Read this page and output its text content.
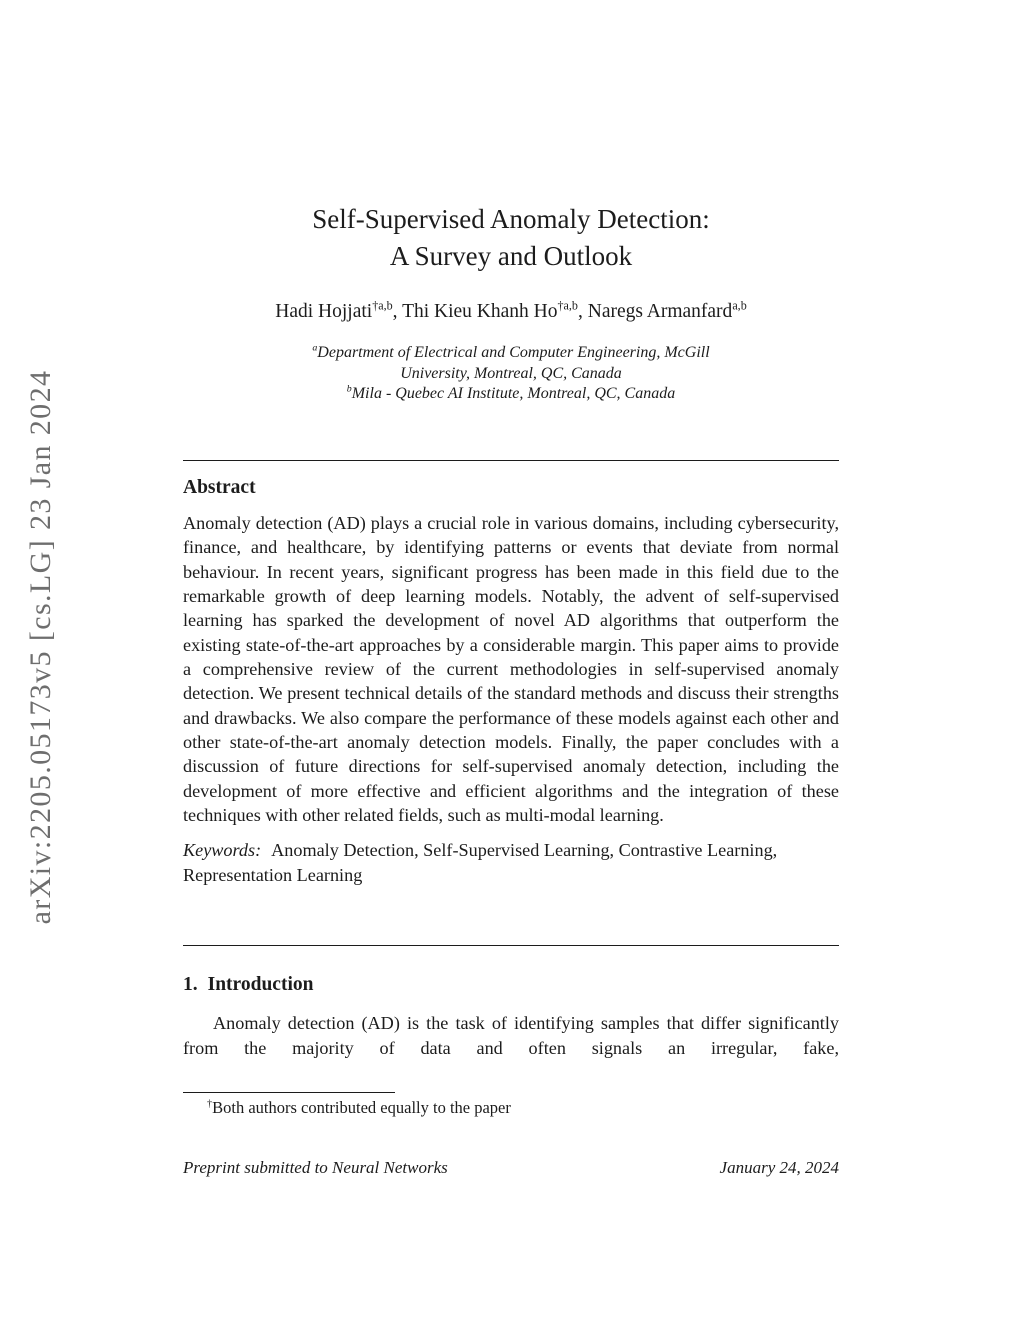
arXiv:2205.05173v5 [cs.LG] 23 Jan 2024
Self-Supervised Anomaly Detection:
A Survey and Outlook
Hadi Hojjati$^{\dagger a,b}$, Thi Kieu Khanh Ho$^{\dagger a,b}$, Naregs Armanfard$^{a,b}$
$^a$Department of Electrical and Computer Engineering, McGill University, Montreal, QC, Canada
$^b$Mila - Quebec AI Institute, Montreal, QC, Canada
Abstract

Anomaly detection (AD) plays a crucial role in various domains, including cybersecurity, finance, and healthcare, by identifying patterns or events that deviate from normal behaviour. In recent years, significant progress has been made in this field due to the remarkable growth of deep learning models. Notably, the advent of self-supervised learning has sparked the development of novel AD algorithms that outperform the existing state-of-the-art approaches by a considerable margin. This paper aims to provide a comprehensive review of the current methodologies in self-supervised anomaly detection. We present technical details of the standard methods and discuss their strengths and drawbacks. We also compare the performance of these models against each other and other state-of-the-art anomaly detection models. Finally, the paper concludes with a discussion of future directions for self-supervised anomaly detection, including the development of more effective and efficient algorithms and the integration of these techniques with other related fields, such as multi-modal learning.

Keywords: Anomaly Detection, Self-Supervised Learning, Contrastive Learning, Representation Learning

1. Introduction

Anomaly detection (AD) is the task of identifying samples that differ significantly from the majority of data and often signals an irregular, fake,

†Both authors contributed equally to the paper

Preprint submitted to Neural Networks	January 24, 2024
